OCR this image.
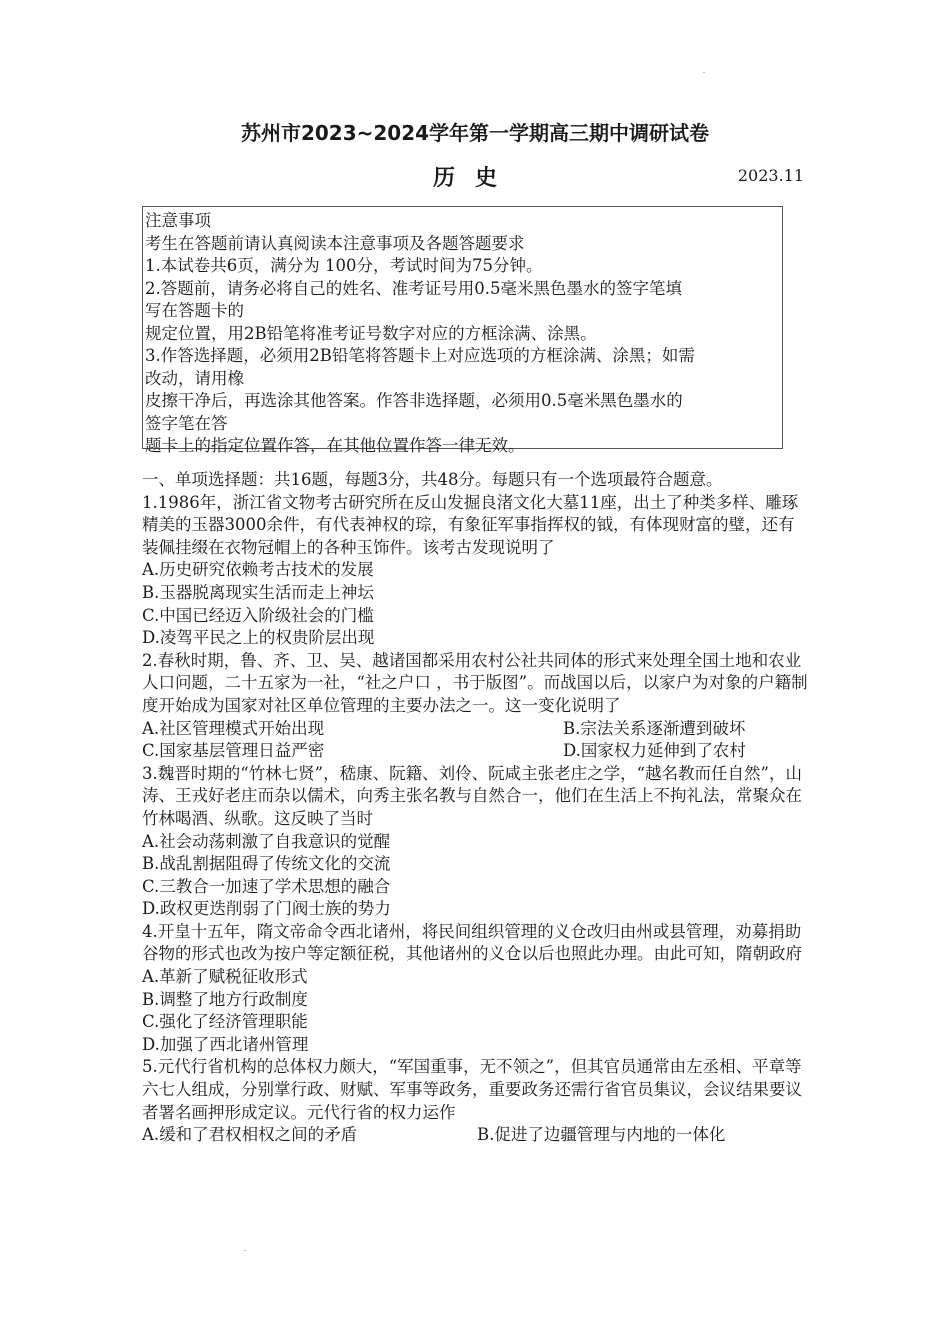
苏州市2023~2024学年第一学期高三期中调研试卷
历史	2023.11
注意事项
考生在答题前请认真阅读本注意事项及各题答题要求
1.本试卷共6页，满分为 100分，考试时间为75分钟。
2.答题前，请务必将自己的姓名、准考证号用0.5毫米黑色墨水的签字笔填
写在答题卡的
规定位置，用2B铅笔将准考证号数字对应的方框涂满、涂黑。
3.作答选择题，必须用2B铅笔将答题卡上对应选项的方框涂满、涂黑；如需
改动，请用橡
皮擦干净后，再选涂其他答案。作答非选择题，必须用0.5毫米黑色墨水的
签字笔在答
题卡上的指定位置作答，在其他位置作答一律无效。

一、单项选择题：共16题，每题3分，共48分。每题只有一个选项最符合题意。

1.1986年，浙江省文物考古研究所在反山发掘良渚文化大墓11座，出土了种类多样、雕琢精美的玉器3000余件，有代表神权的琮，有象征军事指挥权的钺，有体现财富的璧，还有装佩挂缀在衣物冠帽上的各种玉饰件。该考古发现说明了

A.历史研究依赖考古技术的发展

B.玉器脱离现实生活而走上神坛

C.中国已经迈入阶级社会的门槛

D.凌驾平民之上的权贵阶层出现

2.春秋时期，鲁、齐、卫、吴、越诸国都采用农村公社共同体的形式来处理全国土地和农业人口问题，二十五家为一社，“社之户口 ，书于版图”。而战国以后，以家户为对象的户籍制度开始成为国家对社区单位管理的主要办法之一。这一变化说明了

A.社区管理模式开始出现	B.宗法关系逐渐遭到破坏
C.国家基层管理日益严密	D.国家权力延伸到了农村

3.魏晋时期的“竹林七贤”，嵇康、阮籍、刘伶、阮咸主张老庄之学，“越名教而任自然”，山涛、王戎好老庄而杂以儒术，向秀主张名教与自然合一，他们在生活上不拘礼法，常聚众在竹林喝酒、纵歌。这反映了当时

A.社会动荡刺激了自我意识的觉醒

B.战乱割据阻碍了传统文化的交流

C.三教合一加速了学术思想的融合

D.政权更迭削弱了门阀士族的势力

4.开皇十五年，隋文帝命令西北诸州，将民间组织管理的义仓改归由州或县管理，劝募捐助谷物的形式也改为按户等定额征税，其他诸州的义仓以后也照此办理。由此可知，隋朝政府

A.革新了赋税征收形式

B.调整了地方行政制度

C.强化了经济管理职能

D.加强了西北诸州管理

5.元代行省机构的总体权力颇大，“军国重事，无不领之”，但其官员通常由左丞相、平章等六七人组成，分别掌行政、财赋、军事等政务，重要政务还需行省官员集议，会议结果要议者署名画押形成定议。元代行省的权力运作

A.缓和了君权相权之间的矛盾	B.促进了边疆管理与内地的一体化
